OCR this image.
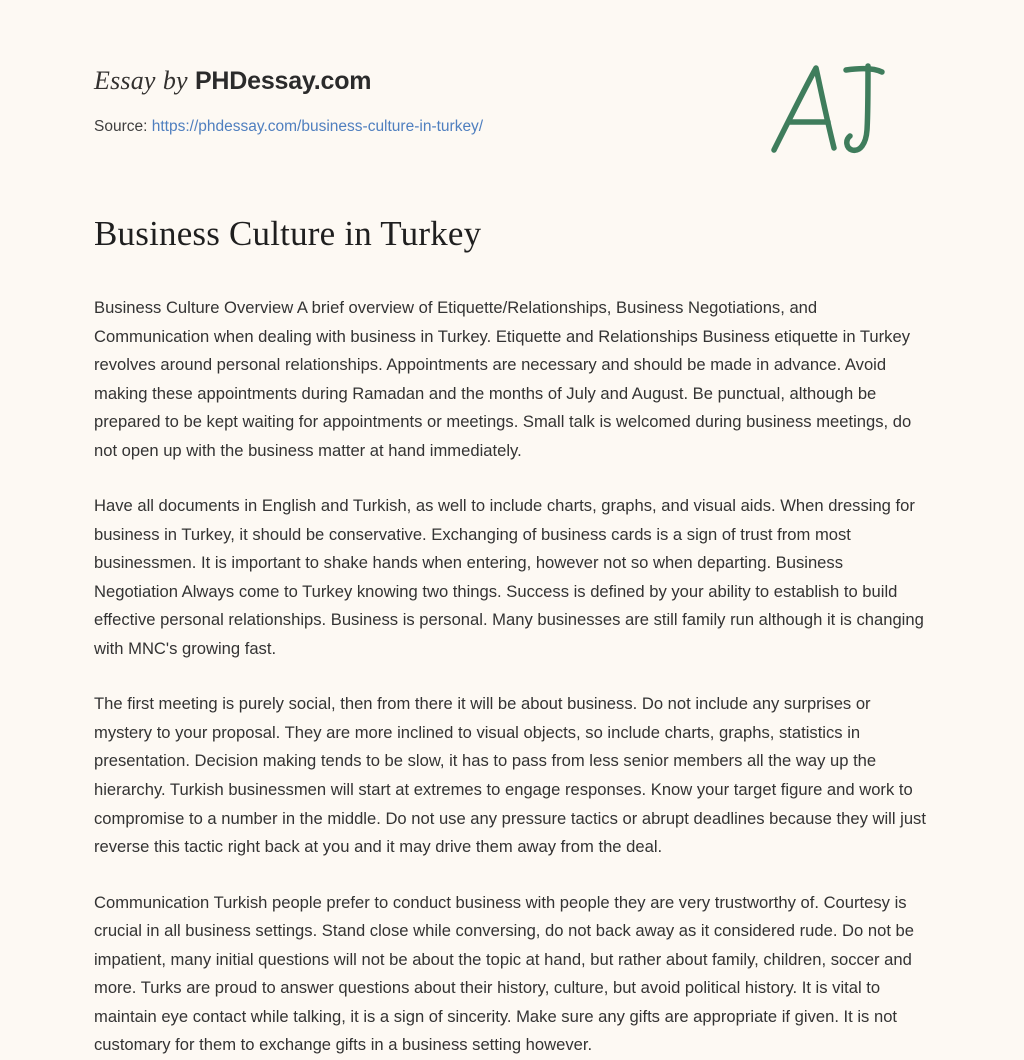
Essay by PHDessay.com
Source: https://phdessay.com/business-culture-in-turkey/
Business Culture in Turkey

Business Culture Overview A brief overview of Etiquette/Relationships, Business Negotiations, and Communication when dealing with business in Turkey. Etiquette and Relationships Business etiquette in Turkey revolves around personal relationships. Appointments are necessary and should be made in advance. Avoid making these appointments during Ramadan and the months of July and August. Be punctual, although be prepared to be kept waiting for appointments or meetings. Small talk is welcomed during business meetings, do not open up with the business matter at hand immediately.

Have all documents in English and Turkish, as well to include charts, graphs, and visual aids. When dressing for business in Turkey, it should be conservative. Exchanging of business cards is a sign of trust from most businessmen. It is important to shake hands when entering, however not so when departing. Business Negotiation Always come to Turkey knowing two things. Success is defined by your ability to establish to build effective personal relationships. Business is personal. Many businesses are still family run although it is changing with MNC's growing fast.

The first meeting is purely social, then from there it will be about business. Do not include any surprises or mystery to your proposal. They are more inclined to visual objects, so include charts, graphs, statistics in presentation. Decision making tends to be slow, it has to pass from less senior members all the way up the hierarchy. Turkish businessmen will start at extremes to engage responses. Know your target figure and work to compromise to a number in the middle. Do not use any pressure tactics or abrupt deadlines because they will just reverse this tactic right back at you and it may drive them away from the deal.

Communication Turkish people prefer to conduct business with people they are very trustworthy of. Courtesy is crucial in all business settings. Stand close while conversing, do not back away as it considered rude. Do not be impatient, many initial questions will not be about the topic at hand, but rather about family, children, soccer and more. Turks are proud to answer questions about their history, culture, but avoid political history. It is vital to maintain eye contact while talking, it is a sign of sincerity. Make sure any gifts are appropriate if given. It is not customary for them to exchange gifts in a business setting however.
